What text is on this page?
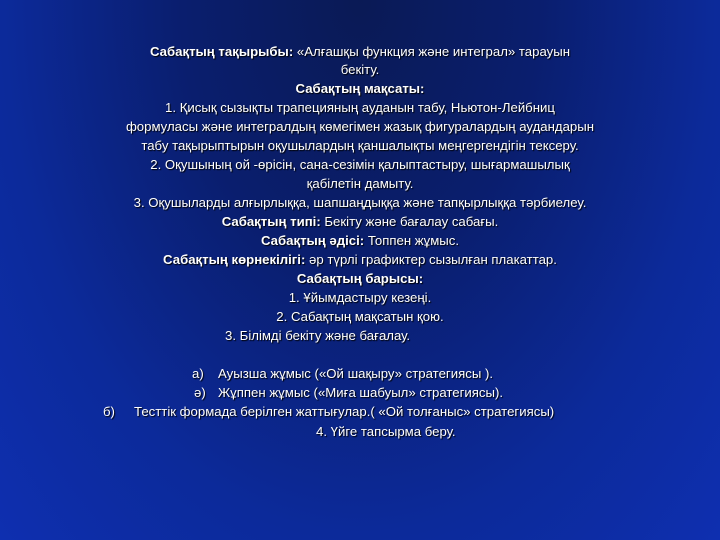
Сабақтың тақырыбы: «Алғашқы функция және интеграл» тарауын
бекіту.
Сабақтың мақсаты:
1. Қисық сызықты трапецияның ауданын табу, Ньютон-Лейбниц
формуласы және интегралдың көмегімен жазық фигуралардың аудандарын
табу тақырыптырын оқушылардың қаншалықты меңгергендігін тексеру.
2. Оқушының ой -өрісін, сана-сезімін қалыптастыру, шығармашылық
қабілетін дамыту.
3. Оқушыларды алғырлыққа, шапшаңдыққа және тапқырлыққа тәрбиелеу.
Сабақтың типі: Бекіту және бағалау сабағы.
Сабақтың әдісі: Топпен жұмыс.
Сабақтың көрнекілігі: әр түрлі графиктер сызылған плакаттар.
Сабақтың барысы:
1. Ұйымдастыру кезеңі.
2. Сабақтың мақсатын қою.
3. Білімді бекіту және бағалау.
а) Ауызша жұмыс («Ой шақыру» стратегиясы ).
ә) Жұппен жұмыс («Миға шабуыл» стратегиясы).
б) Тесттік формада берілген жаттығулар.( «Ой толғаныс» стратегиясы)
4. Үйге тапсырма беру.
